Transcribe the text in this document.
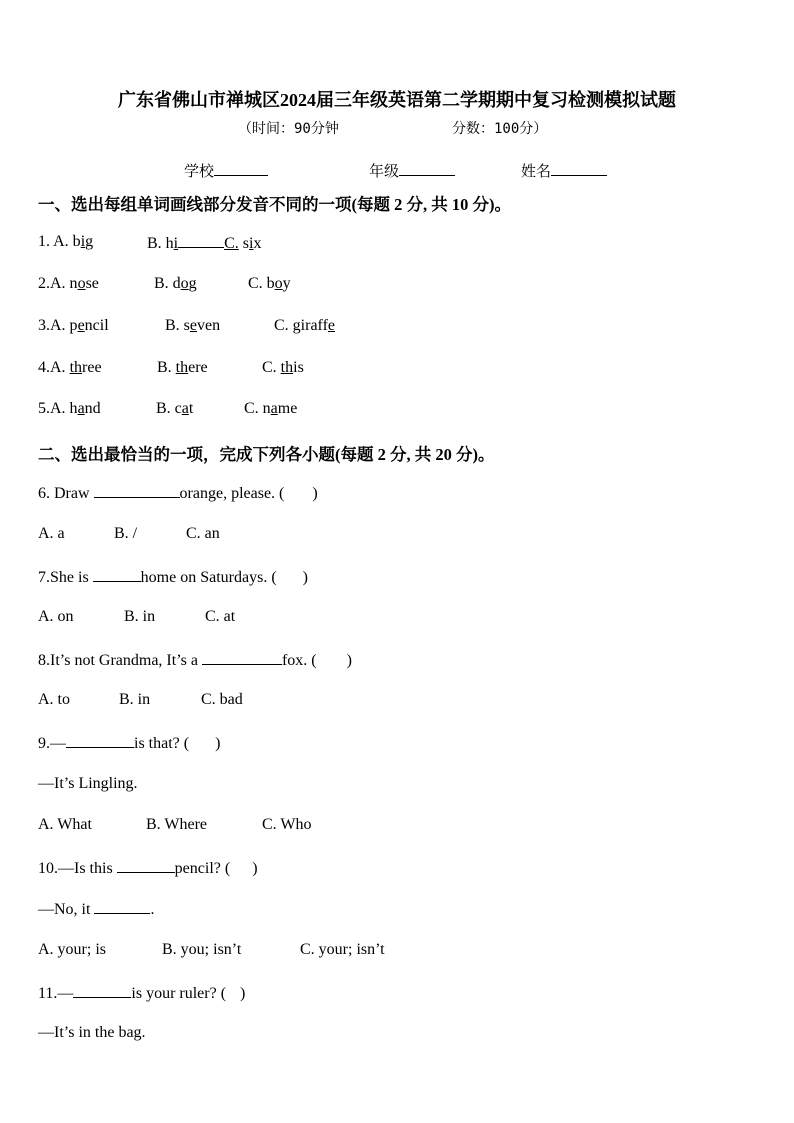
广东省佛山市禅城区2024届三年级英语第二学期期中复习检测模拟试题
（时间：90分钟	分数：100分）
学校	年级	姓名
一、选出每组单词画线部分发音不同的一项(每题 2 分, 共 10 分)。
1. A. big	B. hi	C. six
2.A. nose	B. dog	C. boy
3.A. pencil	B. seven	C. giraffe
4.A. three	B. there	C. this
5.A. hand	B. cat	C. name
二、选出最恰当的一项，完成下列各小题(每题 2 分, 共 20 分)。
6. Draw	orange, please. ( )
A. a	B. /	C. an
7.She is	home on Saturdays. ( )
A. on	B. in	C. at
8.It’s not Grandma, It’s a	fox. ( )
A. to	B. in	C. bad
9.—	is that? ( )
—It’s Lingling.
A. What	B. Where	C. Who
10.—Is this	pencil? ( )
—No, it	.
A. your; is	B. you; isn’t	C. your; isn’t
11.—	is your ruler? ( )
—It’s in the bag.
